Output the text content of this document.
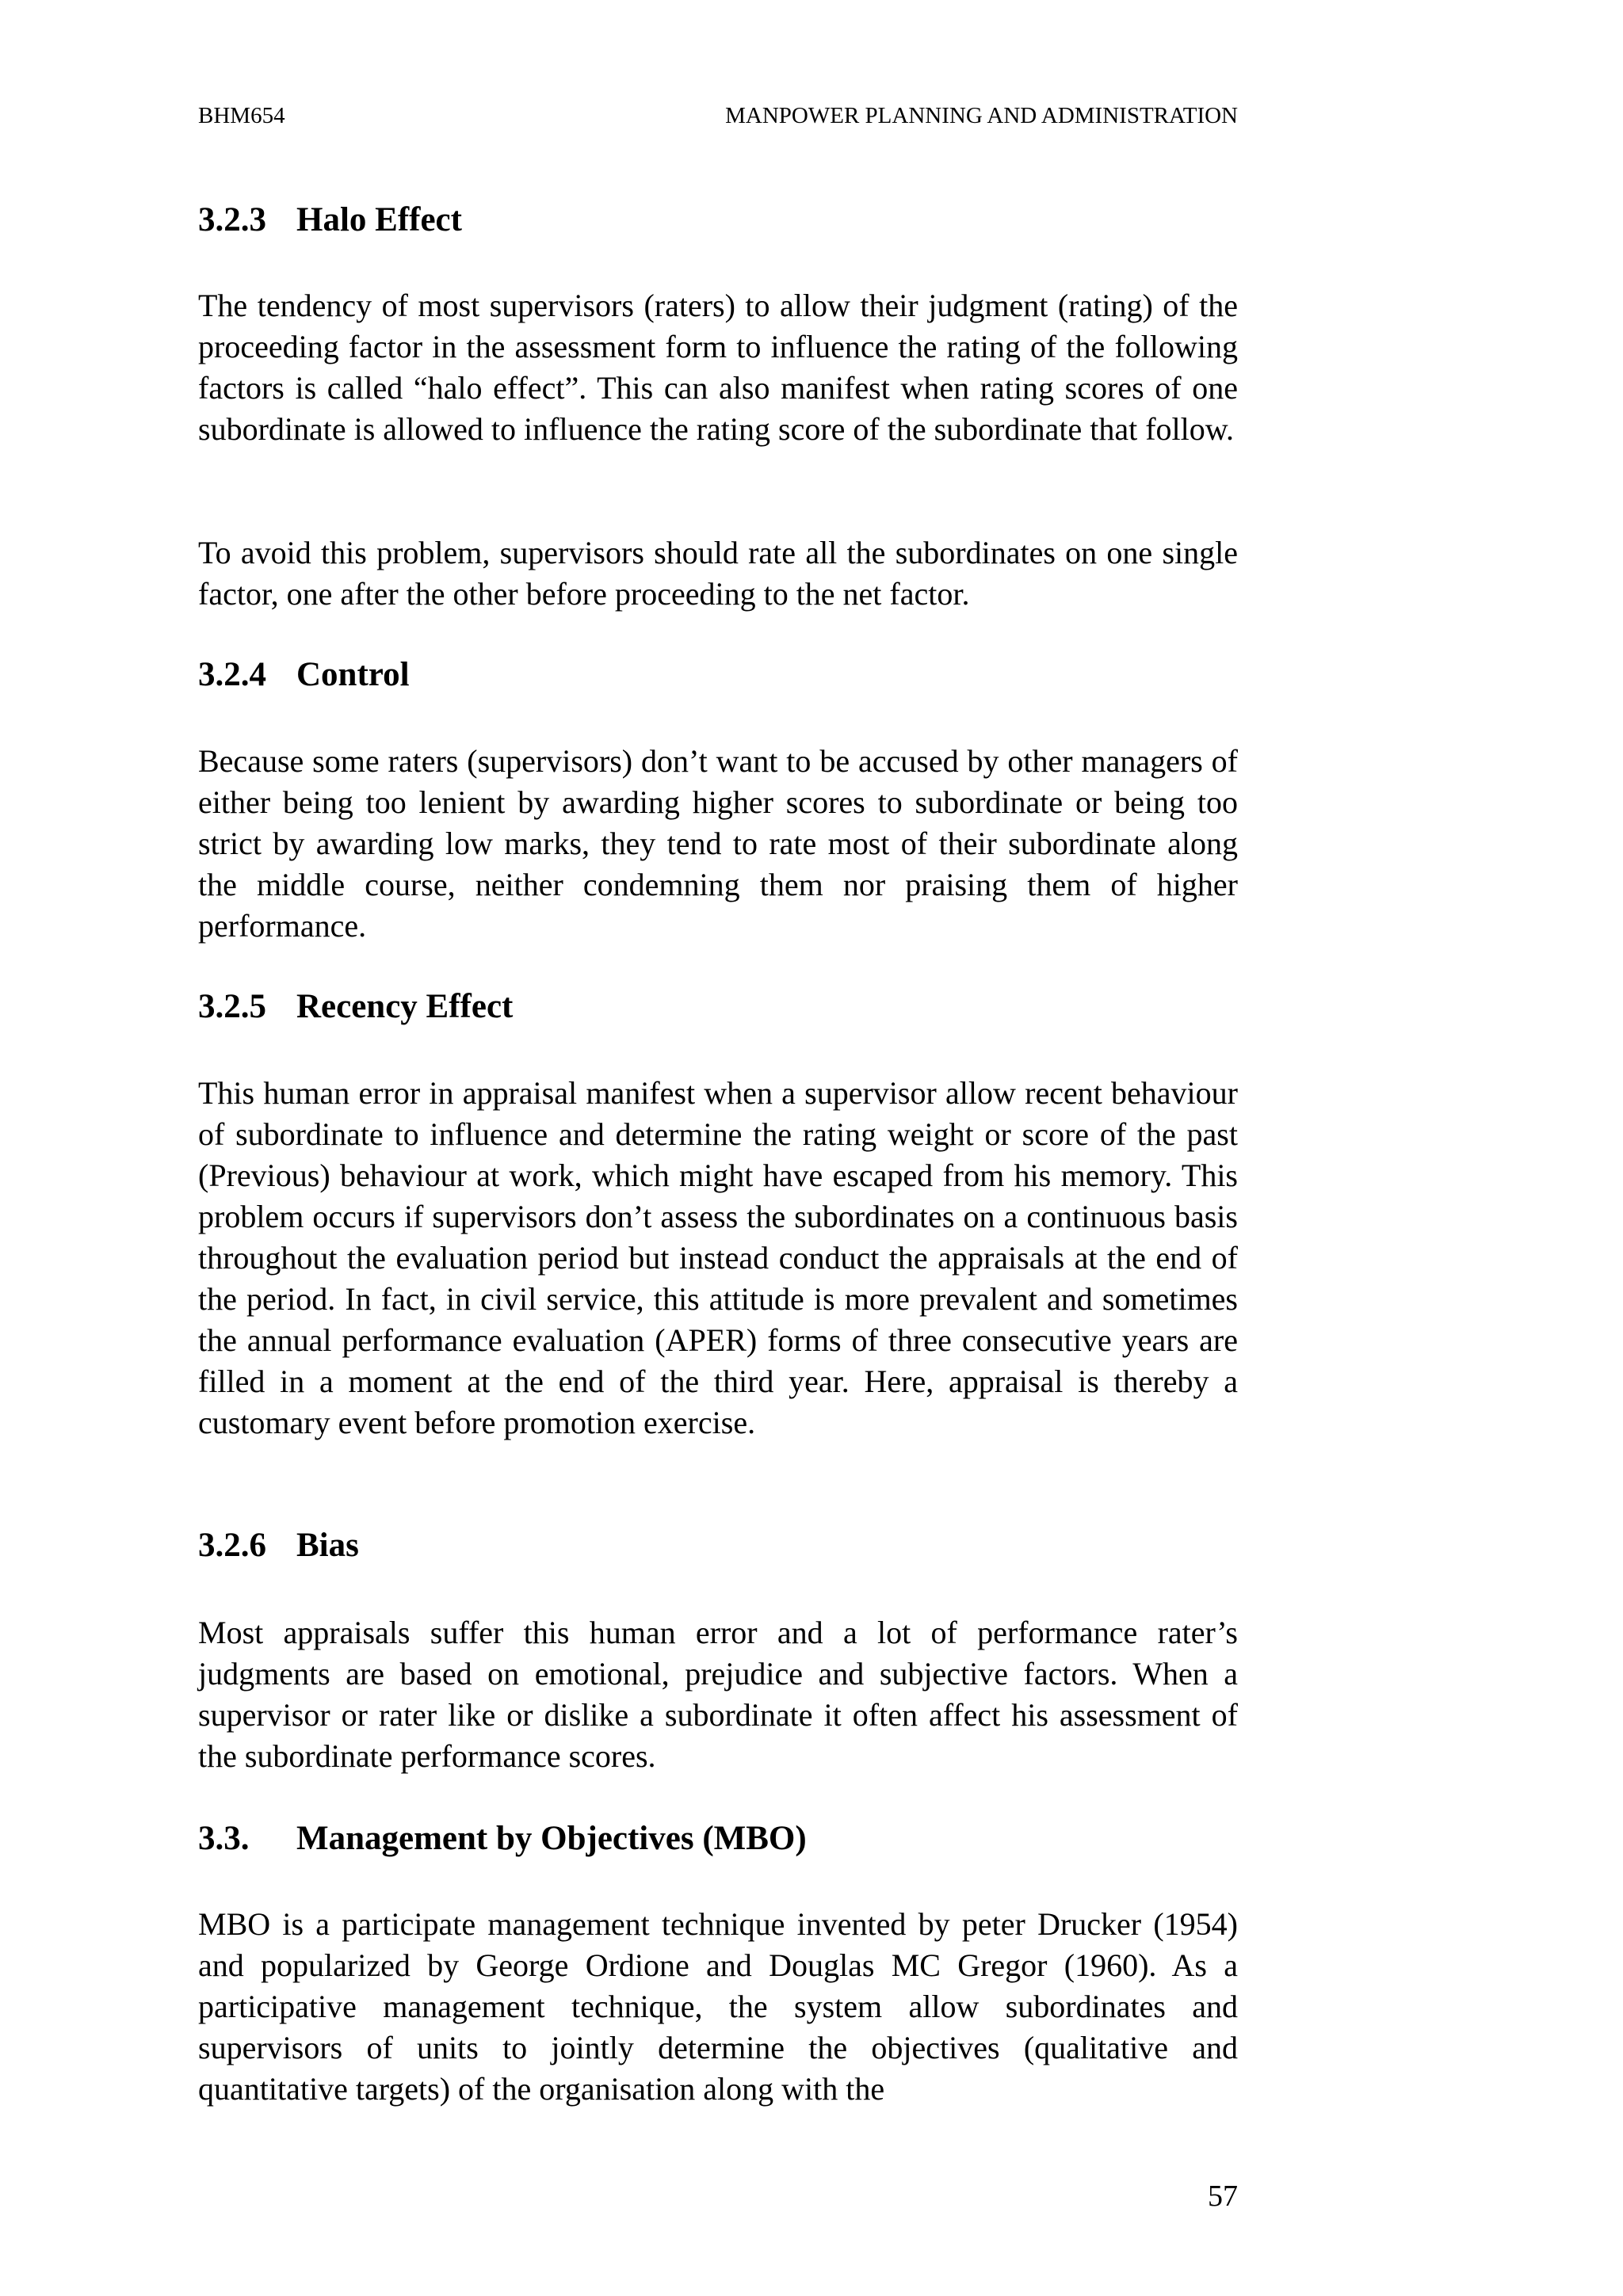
BHM654	MANPOWER PLANNING AND ADMINISTRATION
3.2.3 Halo Effect

The tendency of most supervisors (raters) to allow their judgment (rating) of the proceeding factor in the assessment form to influence the rating of the following factors is called “halo effect”. This can also manifest when rating scores of one subordinate is allowed to influence the rating score of the subordinate that follow.

To avoid this problem, supervisors should rate all the subordinates on one single factor, one after the other before proceeding to the net factor.

3.2.4 Control

Because some raters (supervisors) don’t want to be accused by other managers of either being too lenient by awarding higher scores to subordinate or being too strict by awarding low marks, they tend to rate most of their subordinate along the middle course, neither condemning them nor praising them of higher performance.

3.2.5 Recency Effect

This human error in appraisal manifest when a supervisor allow recent behaviour of subordinate to influence and determine the rating weight or score of the past (Previous) behaviour at work, which might have escaped from his memory. This problem occurs if supervisors don’t assess the subordinates on a continuous basis throughout the evaluation period but instead conduct the appraisals at the end of the period. In fact, in civil service, this attitude is more prevalent and sometimes the annual performance evaluation (APER) forms of three consecutive years are filled in a moment at the end of the third year. Here, appraisal is thereby a customary event before promotion exercise.

3.2.6 Bias

Most appraisals suffer this human error and a lot of performance rater’s judgments are based on emotional, prejudice and subjective factors. When a supervisor or rater like or dislike a subordinate it often affect his assessment of the subordinate performance scores.

3.3. Management by Objectives (MBO)

MBO is a participate management technique invented by peter Drucker (1954) and popularized by George Ordione and Douglas MC Gregor (1960). As a participative management technique, the system allow subordinates and supervisors of units to jointly determine the objectives (qualitative and quantitative targets) of the organisation along with the

57
